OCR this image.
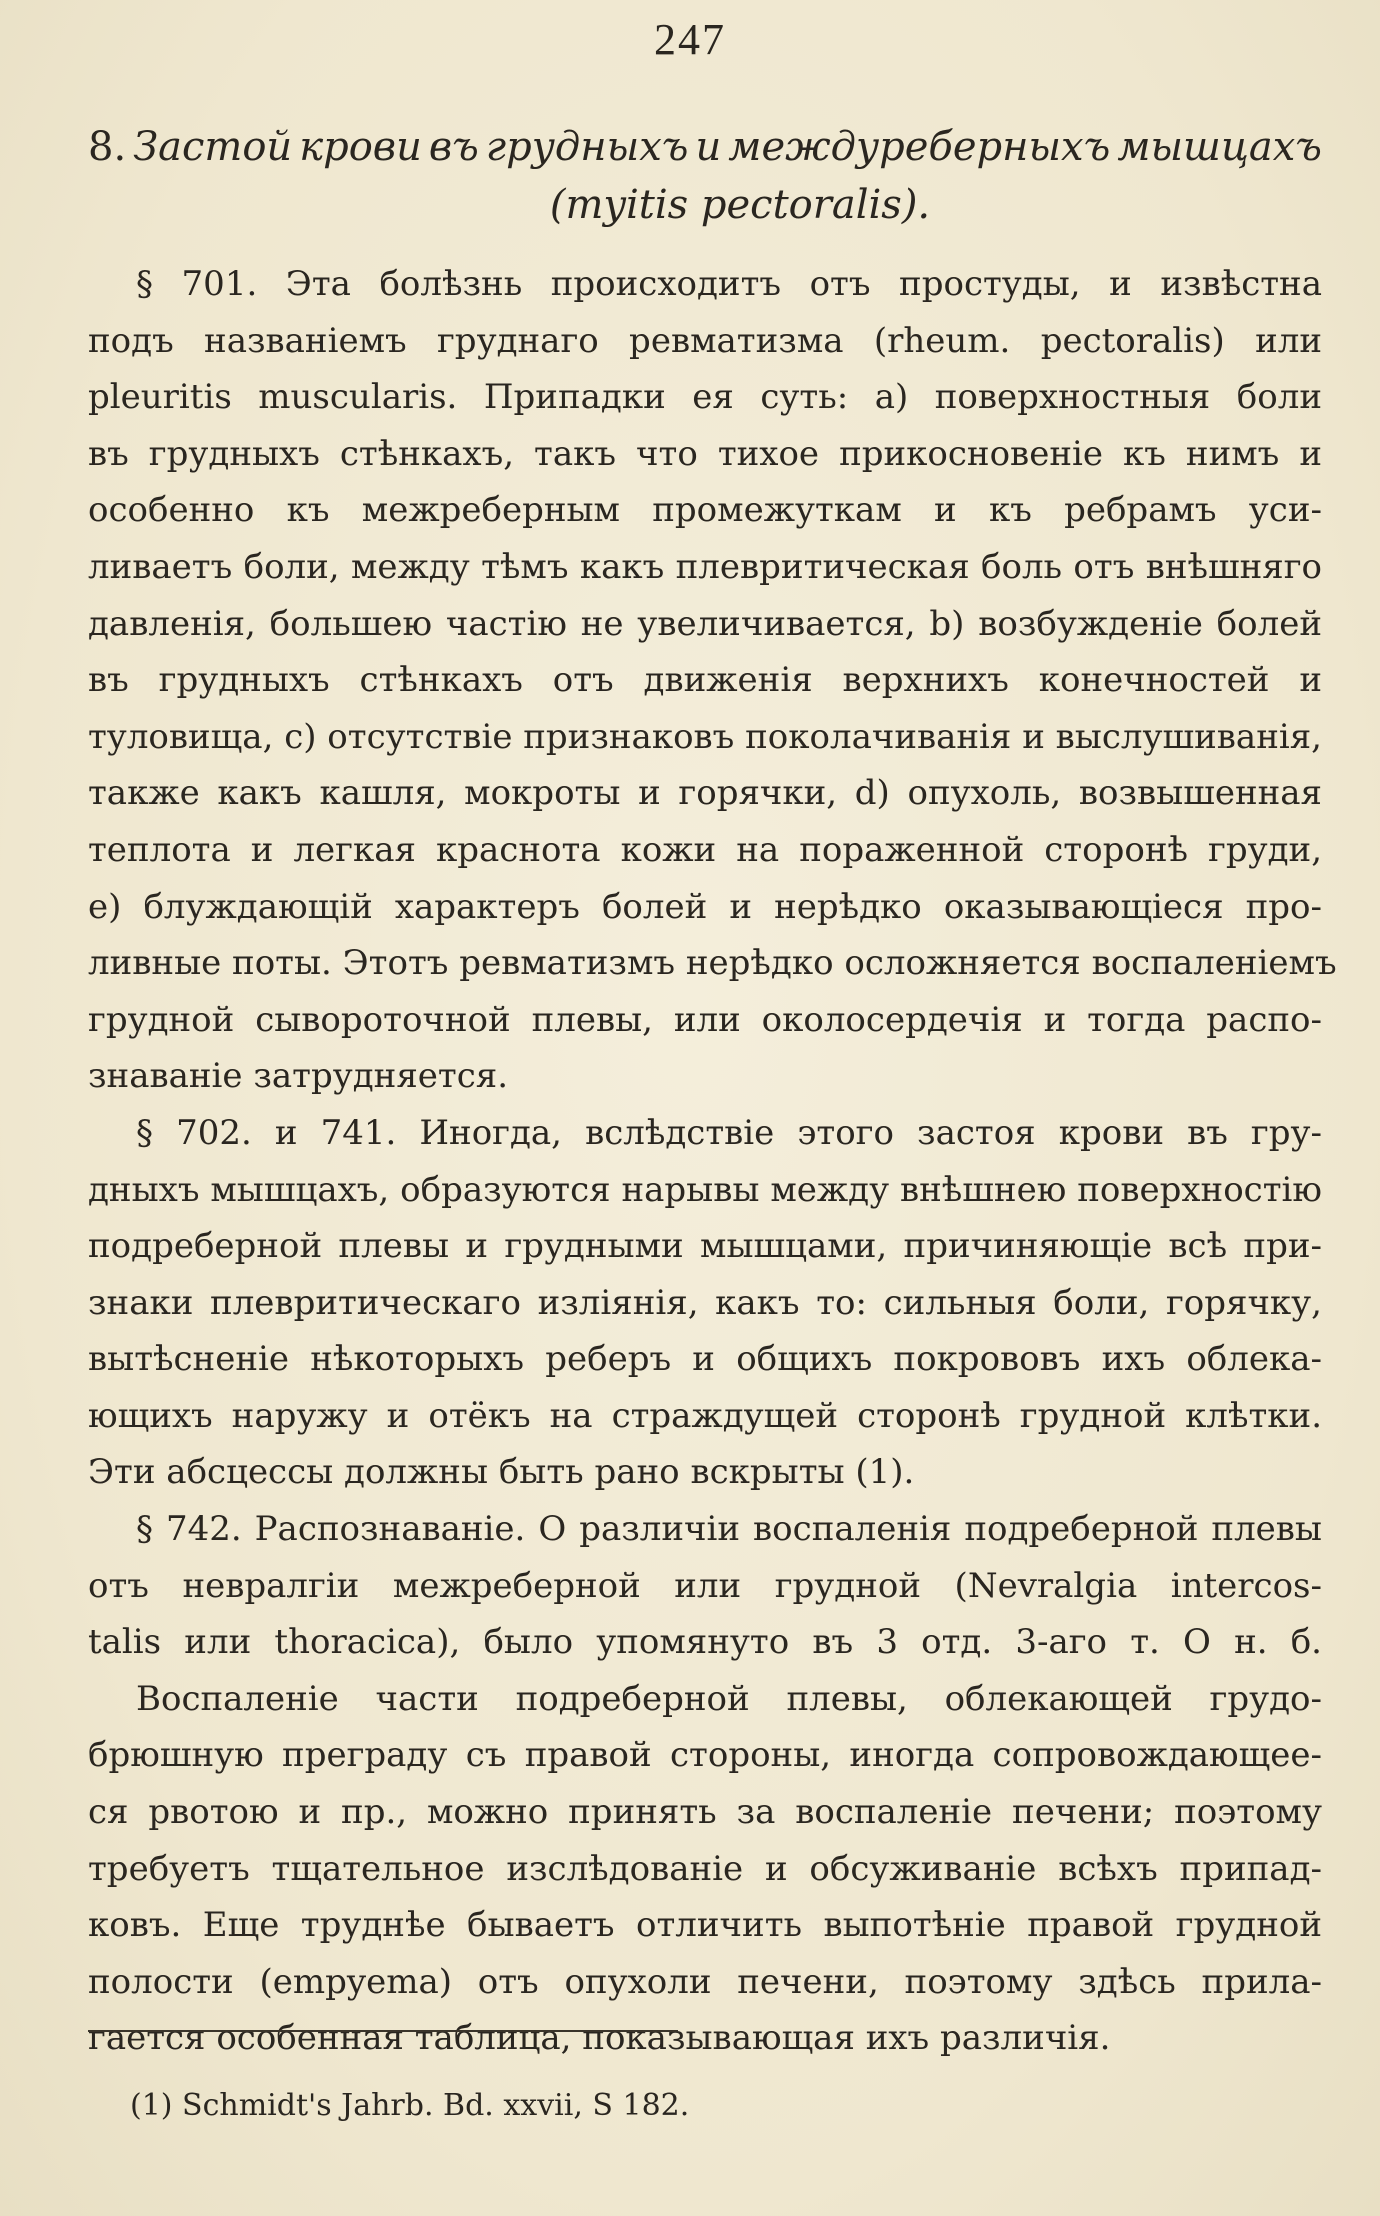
247
8. Застой крови въ грудныхъ и междуреберныхъ мышцахъ
(myitis pectoralis).
§ 701. Эта болѣзнь происходитъ отъ простуды, и извѣстна
подъ названіемъ груднаго ревматизма (rheum. pectoralis) или
pleuritis muscularis. Припадки ея суть: a) поверхностныя боли
въ грудныхъ стѣнкахъ, такъ что тихое прикосновеніе къ нимъ и
особенно къ межреберным промежуткам и къ ребрамъ уси-
ливаетъ боли, между тѣмъ какъ плевритическая боль отъ внѣшняго
давленія, большею частію не увеличивается, b) возбужденіе болей
въ грудныхъ стѣнкахъ отъ движенія верхнихъ конечностей и
туловища, c) отсутствіе признаковъ поколачиванія и выслушиванія,
также какъ кашля, мокроты и горячки, d) опухоль, возвышенная
теплота и легкая краснота кожи на пораженной сторонѣ груди,
e) блуждающій характеръ болей и нерѣдко оказывающіеся про-
ливные поты. Этотъ ревматизмъ нерѣдко осложняется воспаленіемъ
грудной сывороточной плевы, или околосердечія и тогда распо-
знаваніе затрудняется.
§ 702. и 741. Иногда, вслѣдствіе этого застоя крови въ гру-
дныхъ мышцахъ, образуются нарывы между внѣшнею поверхностію
подреберной плевы и грудными мышцами, причиняющіе всѣ при-
знаки плевритическаго изліянія, какъ то: сильныя боли, горячку,
вытѣсненіе нѣкоторыхъ реберъ и общихъ покрововъ ихъ облека-
ющихъ наружу и отёкъ на страждущей сторонѣ грудной клѣтки.
Эти абсцессы должны быть рано вскрыты (1).
§ 742. Распознаваніе. О различіи воспаленія подреберной плевы
отъ невралгіи межреберной или грудной (Nevralgia intercos-
talis или thoracica), было упомянуто въ 3 отд. 3-аго т. О н. б.
Воспаленіе части подреберной плевы, облекающей грудо-
брюшную преграду съ правой стороны, иногда сопровождающее-
ся рвотою и пр., можно принять за воспаленіе печени; поэтому
требуетъ тщательное изслѣдованіе и обсуживаніе всѣхъ припад-
ковъ. Еще труднѣе бываетъ отличить выпотѣніе правой грудной
полости (empyema) отъ опухоли печени, поэтому здѣсь прила-
гается особенная таблица, показывающая ихъ различія.
(1) Schmidt's Jahrb. Bd. xxvii, S 182.
